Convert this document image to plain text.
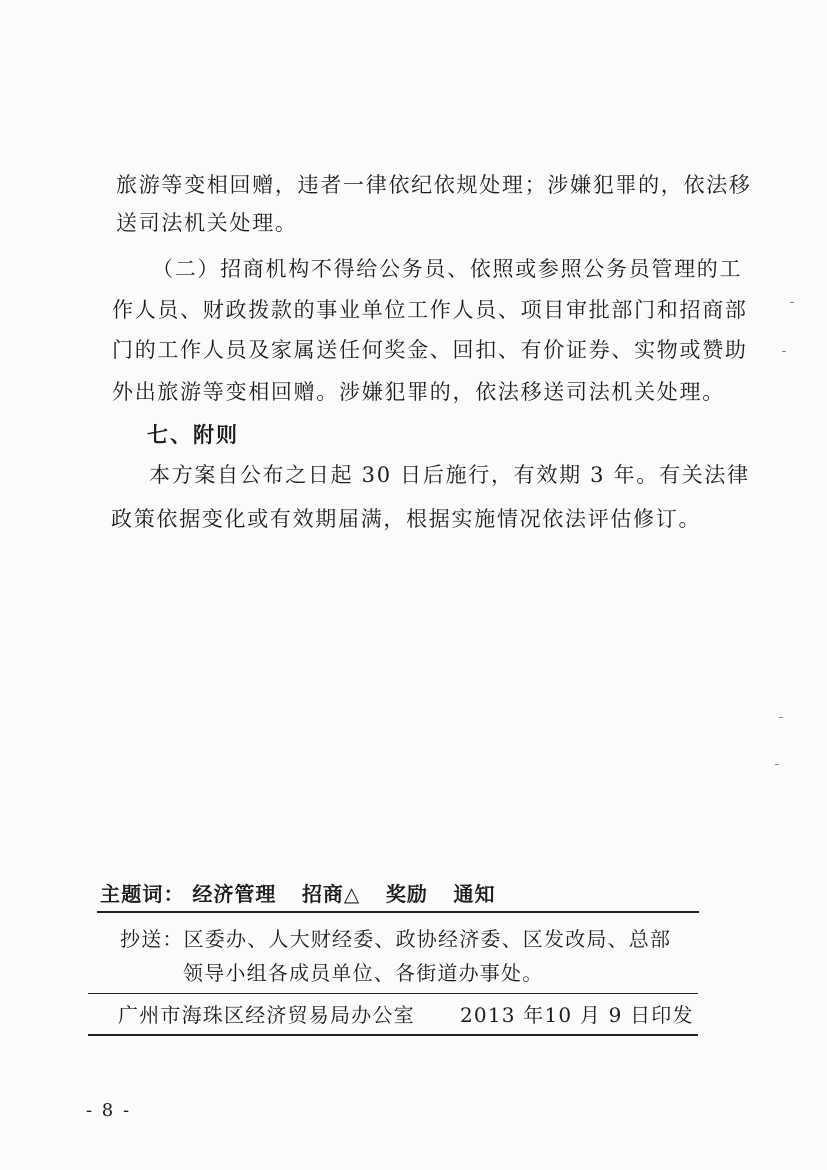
旅游等变相回赠，违者一律依纪依规处理；涉嫌犯罪的，依法移
送司法机关处理。
（二）招商机构不得给公务员、依照或参照公务员管理的工
作人员、财政拨款的事业单位工作人员、项目审批部门和招商部
门的工作人员及家属送任何奖金、回扣、有价证券、实物或赞助
外出旅游等变相回赠。涉嫌犯罪的，依法移送司法机关处理。
七、附则
本方案自公布之日起 30 日后施行，有效期 3 年。有关法律
政策依据变化或有效期届满，根据实施情况依法评估修订。
主题词： 经济管理 招商△ 奖励 通知
抄送：区委办、人大财经委、政协经济委、区发改局、总部
领导小组各成员单位、各街道办事处。
广州市海珠区经济贸易局办公室 2013 年10 月 9 日印发
- 8 -
